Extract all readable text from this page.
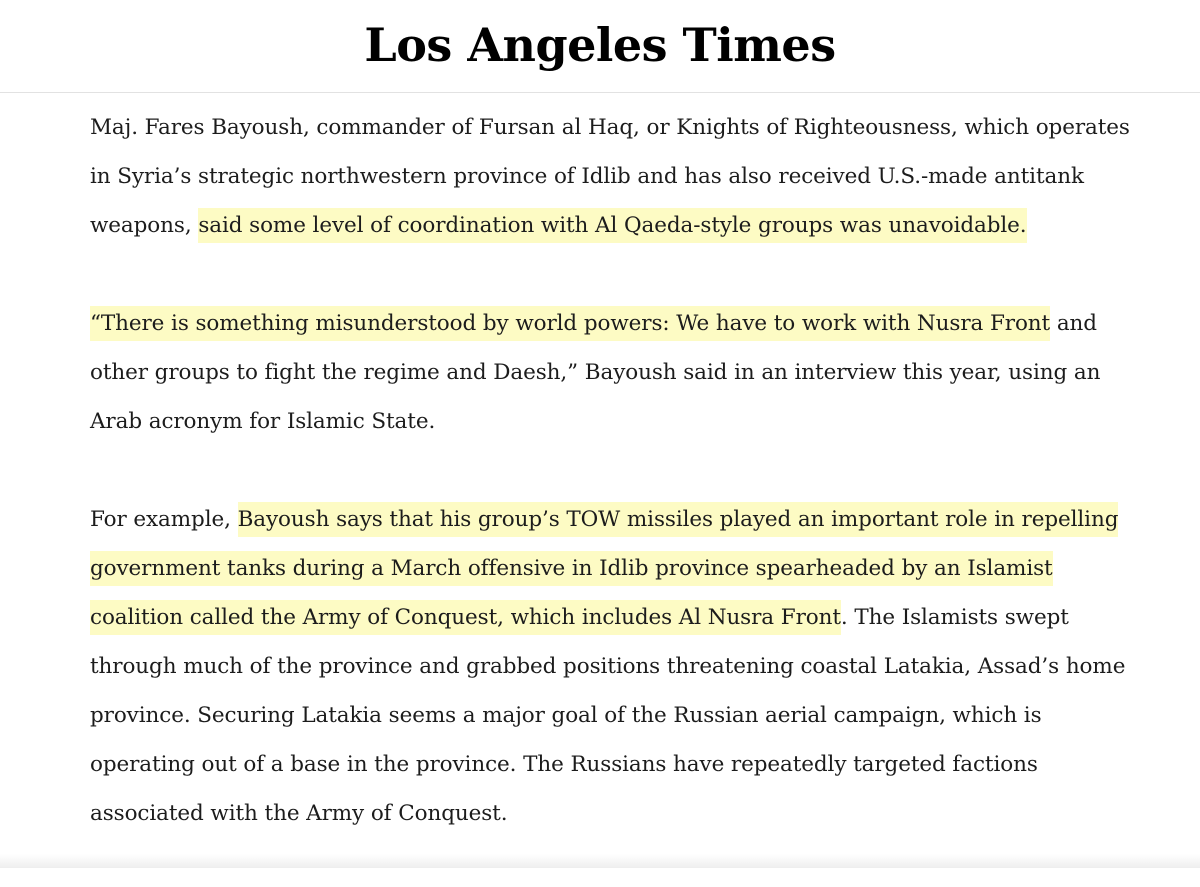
Los Angeles Times

Maj. Fares Bayoush, commander of Fursan al Haq, or Knights of Righteousness, which operates in Syria’s strategic northwestern province of Idlib and has also received U.S.-made antitank weapons, said some level of coordination with Al Qaeda-style groups was unavoidable.

“There is something misunderstood by world powers: We have to work with Nusra Front and other groups to fight the regime and Daesh,” Bayoush said in an interview this year, using an Arab acronym for Islamic State.

For example, Bayoush says that his group’s TOW missiles played an important role in repelling government tanks during a March offensive in Idlib province spearheaded by an Islamist coalition called the Army of Conquest, which includes Al Nusra Front. The Islamists swept through much of the province and grabbed positions threatening coastal Latakia, Assad’s home province. Securing Latakia seems a major goal of the Russian aerial campaign, which is operating out of a base in the province. The Russians have repeatedly targeted factions associated with the Army of Conquest.
